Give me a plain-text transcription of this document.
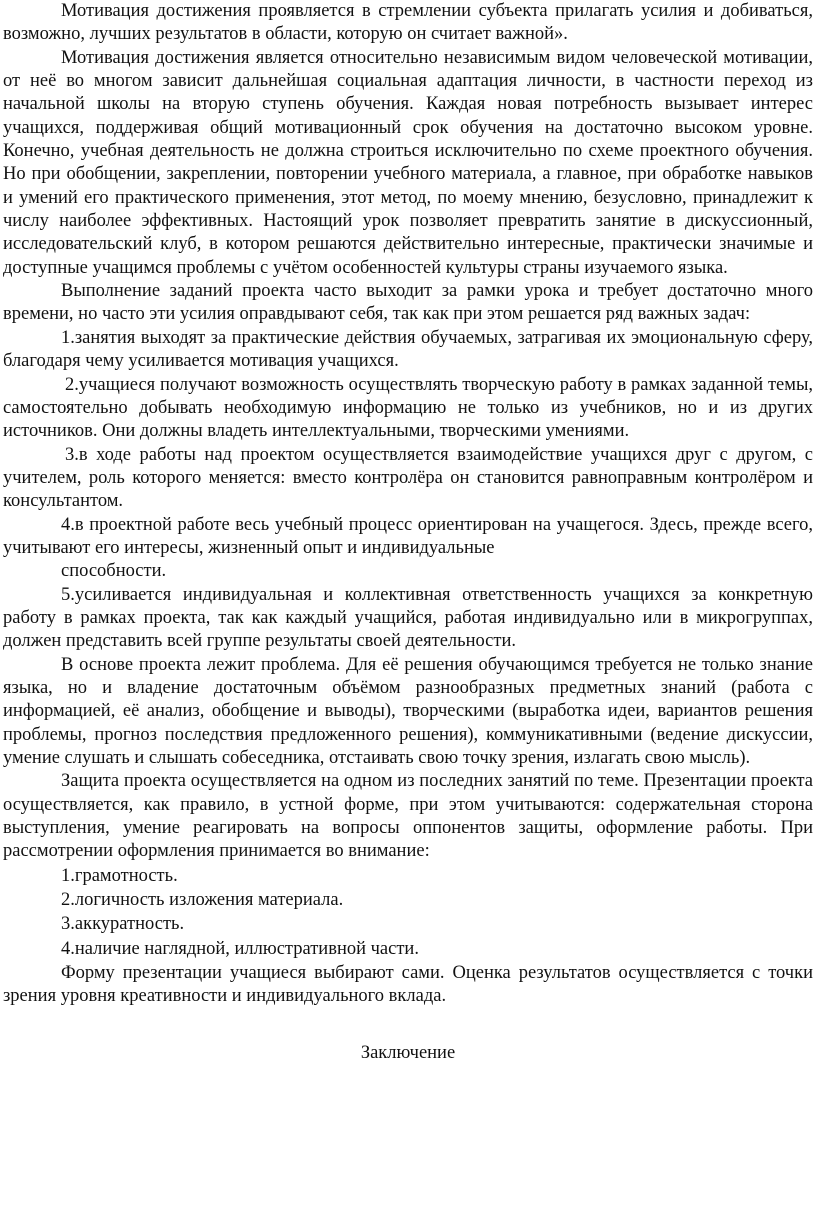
Мотивация достижения проявляется в стремлении субъекта прилагать усилия и добиваться, возможно, лучших результатов в области, которую он считает важной».

Мотивация достижения является относительно независимым видом человеческой мотивации, от неё во многом зависит дальнейшая социальная адаптация личности, в частности переход из начальной школы на вторую ступень обучения. Каждая новая потребность вызывает интерес учащихся, поддерживая общий мотивационный срок обучения на достаточно высоком уровне. Конечно, учебная деятельность не должна строиться исключительно по схеме проектного обучения. Но при обобщении, закреплении, повторении учебного материала, а главное, при обработке навыков и умений его практического применения, этот метод, по моему мнению, безусловно, принадлежит к числу наиболее эффективных. Настоящий урок позволяет превратить занятие в дискуссионный, исследовательский клуб, в котором решаются действительно интересные, практически значимые и доступные учащимся проблемы с учётом особенностей культуры страны изучаемого языка.

Выполнение заданий проекта часто выходит за рамки урока и требует достаточно много времени, но часто эти усилия оправдывают себя, так как при этом решается ряд важных задач:

1.занятия выходят за практические действия обучаемых, затрагивая их эмоциональную сферу, благодаря чему усиливается мотивация учащихся.

2.учащиеся получают возможность осуществлять творческую работу в рамках заданной темы, самостоятельно добывать необходимую информацию не только из учебников, но и из других источников. Они должны владеть интеллектуальными, творческими умениями.

3.в ходе работы над проектом осуществляется взаимодействие учащихся друг с другом, с учителем, роль которого меняется: вместо контролёра он становится равноправным контролёром и консультантом.

4.в проектной работе весь учебный процесс ориентирован на учащегося. Здесь, прежде всего, учитывают его интересы, жизненный опыт и индивидуальные

способности.

5.усиливается индивидуальная и коллективная ответственность учащихся за конкретную работу в рамках проекта, так как каждый учащийся, работая индивидуально или в микрогруппах, должен представить всей группе результаты своей деятельности.

В основе проекта лежит проблема. Для её решения обучающимся требуется не только знание языка, но и владение достаточным объёмом разнообразных предметных знаний (работа с информацией, её анализ, обобщение и выводы), творческими (выработка идеи, вариантов решения проблемы, прогноз последствия предложенного решения), коммуникативными (ведение дискуссии, умение слушать и слышать собеседника, отстаивать свою точку зрения, излагать свою мысль).

Защита проекта осуществляется на одном из последних занятий по теме. Презентации проекта осуществляется, как правило, в устной форме, при этом учитываются: содержательная сторона выступления, умение реагировать на вопросы оппонентов защиты, оформление работы. При рассмотрении оформления принимается во внимание:

1.грамотность.

2.логичность изложения материала.

3.аккуратность.

4.наличие наглядной, иллюстративной части.

Форму презентации учащиеся выбирают сами. Оценка результатов осуществляется с точки зрения уровня креативности и индивидуального вклада.

Заключение
